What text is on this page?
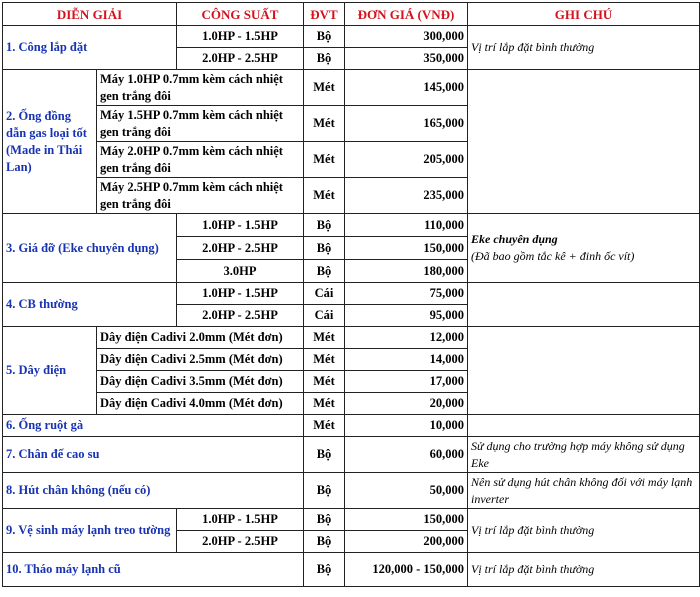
DIỄN GIẢI		CÔNG SUẤT	ĐVT	ĐƠN GIÁ (VNĐ)	GHI CHÚ
1. Công lắp đặt		1.0HP - 1.5HP	Bộ	300,000	Vị trí lắp đặt bình thường
		2.0HP - 2.5HP	Bộ	350,000	
2. Ống đồng dẫn gas loại tốt (Made in Thái Lan)	Máy 1.0HP 0.7mm kèm cách nhiệt gen trắng đôi		Mét	145,000	
	Máy 1.5HP 0.7mm kèm cách nhiệt gen trắng đôi		Mét	165,000	
	Máy 2.0HP 0.7mm kèm cách nhiệt gen trắng đôi		Mét	205,000	
	Máy 2.5HP 0.7mm kèm cách nhiệt gen trắng đôi		Mét	235,000	
3. Giá đỡ (Eke chuyên dụng)		1.0HP - 1.5HP	Bộ	110,000	Eke chuyên dụng
(Đã bao gồm tắc kê + đinh ốc vít)
		2.0HP - 2.5HP	Bộ	150,000	
		3.0HP	Bộ	180,000	
4. CB thường		1.0HP - 1.5HP	Cái	75,000	
		2.0HP - 2.5HP	Cái	95,000	
5. Dây điện	Dây điện Cadivi 2.0mm (Mét đơn)		Mét	12,000	
	Dây điện Cadivi 2.5mm (Mét đơn)		Mét	14,000	
	Dây điện Cadivi 3.5mm (Mét đơn)		Mét	17,000	
	Dây điện Cadivi 4.0mm (Mét đơn)		Mét	20,000	
6. Ống ruột gà			Mét	10,000	
7. Chân đế cao su			Bộ	60,000	Sử dụng cho trường hợp máy không sử dụng Eke
8. Hút chân không (nếu có)			Bộ	50,000	Nên sử dụng hút chân không đối với máy lạnh inverter
9. Vệ sinh máy lạnh treo tường		1.0HP - 1.5HP	Bộ	150,000	Vị trí lắp đặt bình thường
		2.0HP - 2.5HP	Bộ	200,000	
10. Tháo máy lạnh cũ			Bộ	120,000 - 150,000	Vị trí lắp đặt bình thường
